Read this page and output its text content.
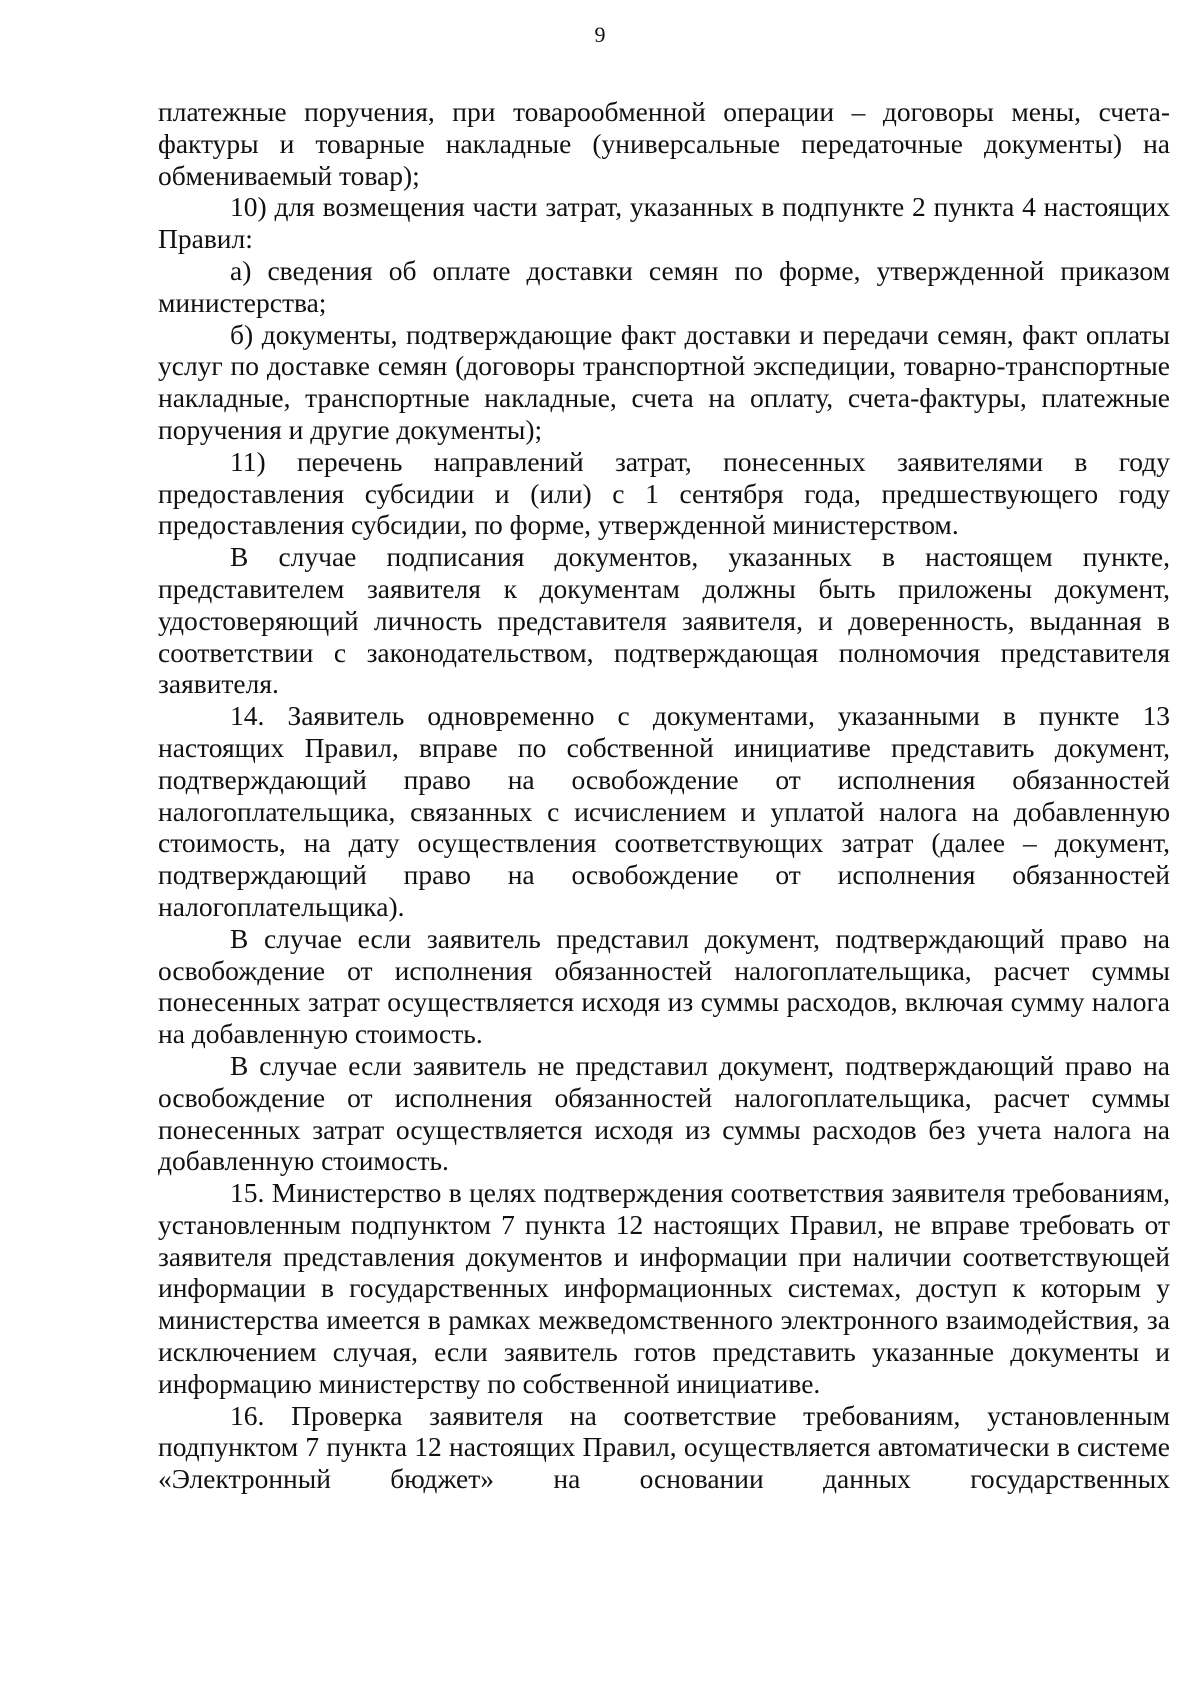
9

платежные поручения, при товарообменной операции – договоры мены, счета-фактуры и товарные накладные (универсальные передаточные документы) на обмениваемый товар);

10) для возмещения части затрат, указанных в подпункте 2 пункта 4 настоящих Правил:

а) сведения об оплате доставки семян по форме, утвержденной приказом министерства;

б) документы, подтверждающие факт доставки и передачи семян, факт оплаты услуг по доставке семян (договоры транспортной экспедиции, товарно-транспортные накладные, транспортные накладные, счета на оплату, счета-фактуры, платежные поручения и другие документы);

11) перечень направлений затрат, понесенных заявителями в году предоставления субсидии и (или) с 1 сентября года, предшествующего году предоставления субсидии, по форме, утвержденной министерством.

В случае подписания документов, указанных в настоящем пункте, представителем заявителя к документам должны быть приложены документ, удостоверяющий личность представителя заявителя, и доверенность, выданная в соответствии с законодательством, подтверждающая полномочия представителя заявителя.

14. Заявитель одновременно с документами, указанными в пункте 13 настоящих Правил, вправе по собственной инициативе представить документ, подтверждающий право на освобождение от исполнения обязанностей налогоплательщика, связанных с исчислением и уплатой налога на добавленную стоимость, на дату осуществления соответствующих затрат (далее – документ, подтверждающий право на освобождение от исполнения обязанностей налогоплательщика).

В случае если заявитель представил документ, подтверждающий право на освобождение от исполнения обязанностей налогоплательщика, расчет суммы понесенных затрат осуществляется исходя из суммы расходов, включая сумму налога на добавленную стоимость.

В случае если заявитель не представил документ, подтверждающий право на освобождение от исполнения обязанностей налогоплательщика, расчет суммы понесенных затрат осуществляется исходя из суммы расходов без учета налога на добавленную стоимость.

15. Министерство в целях подтверждения соответствия заявителя требованиям, установленным подпунктом 7 пункта 12 настоящих Правил, не вправе требовать от заявителя представления документов и информации при наличии соответствующей информации в государственных информационных системах, доступ к которым у министерства имеется в рамках межведомственного электронного взаимодействия, за исключением случая, если заявитель готов представить указанные документы и информацию министерству по собственной инициативе.

16. Проверка заявителя на соответствие требованиям, установленным подпунктом 7 пункта 12 настоящих Правил, осуществляется автоматически в системе «Электронный бюджет» на основании данных государственных
